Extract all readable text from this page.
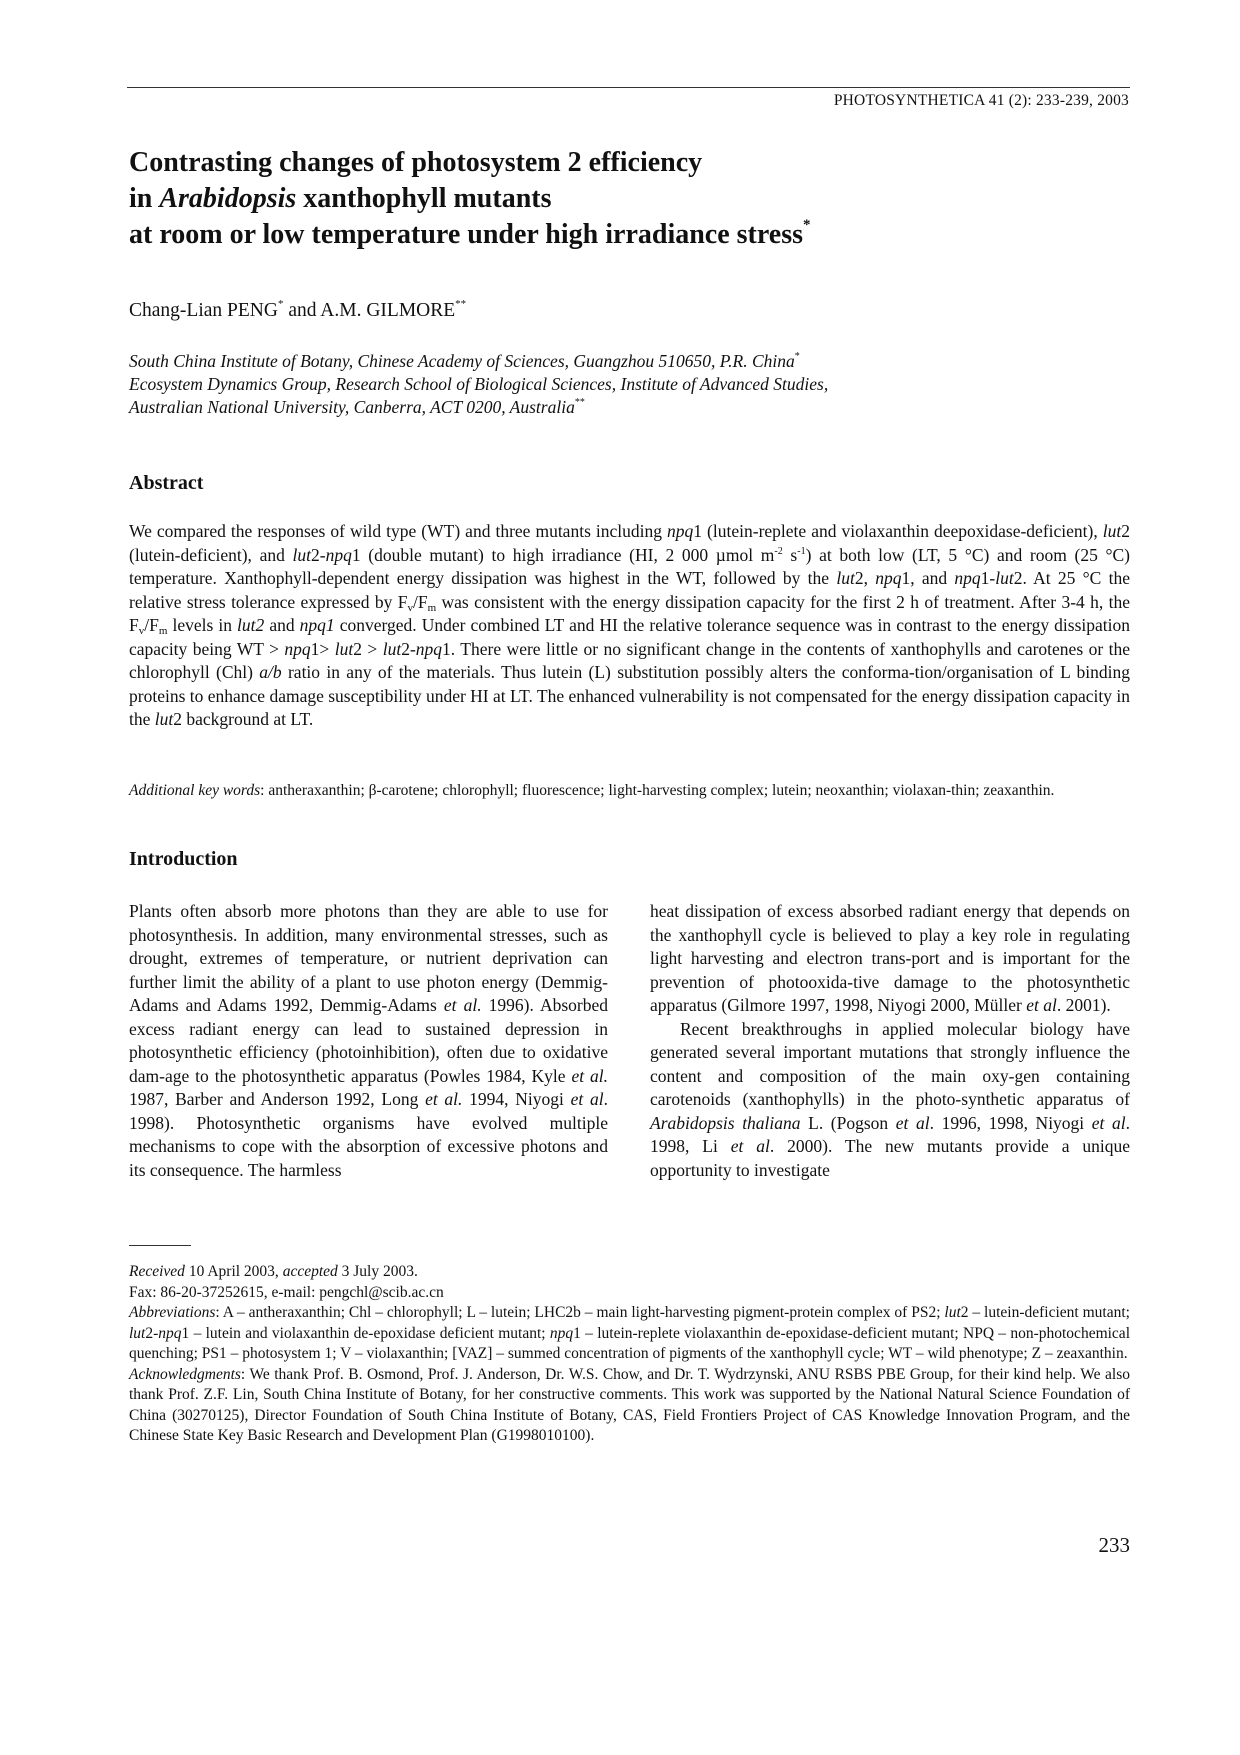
PHOTOSYNTHETICA 41 (2): 233-239, 2003
Contrasting changes of photosystem 2 efficiency
in Arabidopsis xanthophyll mutants
at room or low temperature under high irradiance stress*
Chang-Lian PENG* and A.M. GILMORE**
South China Institute of Botany, Chinese Academy of Sciences, Guangzhou 510650, P.R. China*
Ecosystem Dynamics Group, Research School of Biological Sciences, Institute of Advanced Studies,
Australian National University, Canberra, ACT 0200, Australia**
Abstract
We compared the responses of wild type (WT) and three mutants including npq1 (lutein-replete and violaxanthin deepoxidase-deficient), lut2 (lutein-deficient), and lut2-npq1 (double mutant) to high irradiance (HI, 2 000 µmol $m^{-2}$ $s^{-1}$) at both low (LT, 5 °C) and room (25 °C) temperature. Xanthophyll-dependent energy dissipation was highest in the WT, followed by the lut2, npq1, and npq1-lut2. At 25 °C the relative stress tolerance expressed by $F_v/F_m$ was consistent with the energy dissipation capacity for the first 2 h of treatment. After 3-4 h, the $F_v/F_m$ levels in lut2 and npq1 converged. Under combined LT and HI the relative tolerance sequence was in contrast to the energy dissipation capacity being WT > npq1> lut2 > lut2-npq1. There were little or no significant change in the contents of xanthophylls and carotenes or the chlorophyll (Chl) a/b ratio in any of the materials. Thus lutein (L) substitution possibly alters the conforma-tion/organisation of L binding proteins to enhance damage susceptibility under HI at LT. The enhanced vulnerability is not compensated for the energy dissipation capacity in the lut2 background at LT.
Additional key words: antheraxanthin; β-carotene; chlorophyll; fluorescence; light-harvesting complex; lutein; neoxanthin; violaxan-thin; zeaxanthin.
Introduction

Plants often absorb more photons than they are able to use for photosynthesis. In addition, many environmental stresses, such as drought, extremes of temperature, or nutrient deprivation can further limit the ability of a plant to use photon energy (Demmig-Adams and Adams 1992, Demmig-Adams et al. 1996). Absorbed excess radiant energy can lead to sustained depression in photosynthetic efficiency (photoinhibition), often due to oxidative dam-age to the photosynthetic apparatus (Powles 1984, Kyle et al. 1987, Barber and Anderson 1992, Long et al. 1994, Niyogi et al. 1998). Photosynthetic organisms have evolved multiple mechanisms to cope with the absorption of excessive photons and its consequence. The harmless

heat dissipation of excess absorbed radiant energy that depends on the xanthophyll cycle is believed to play a key role in regulating light harvesting and electron trans-port and is important for the prevention of photooxida-tive damage to the photosynthetic apparatus (Gilmore 1997, 1998, Niyogi 2000, Müller et al. 2001).

Recent breakthroughs in applied molecular biology have generated several important mutations that strongly influence the content and composition of the main oxy-gen containing carotenoids (xanthophylls) in the photo-synthetic apparatus of Arabidopsis thaliana L. (Pogson et al. 1996, 1998, Niyogi et al. 1998, Li et al. 2000). The new mutants provide a unique opportunity to investigate

Received 10 April 2003, accepted 3 July 2003.

Fax: 86-20-37252615, e-mail: pengchl@scib.ac.cn

Abbreviations: A – antheraxanthin; Chl – chlorophyll; L – lutein; LHC2b – main light-harvesting pigment-protein complex of PS2; lut2 – lutein-deficient mutant; lut2-npq1 – lutein and violaxanthin de-epoxidase deficient mutant; npq1 – lutein-replete violaxanthin de-epoxidase-deficient mutant; NPQ – non-photochemical quenching; PS1 – photosystem 1; V – violaxanthin; [VAZ] – summed concentration of pigments of the xanthophyll cycle; WT – wild phenotype; Z – zeaxanthin.

Acknowledgments: We thank Prof. B. Osmond, Prof. J. Anderson, Dr. W.S. Chow, and Dr. T. Wydrzynski, ANU RSBS PBE Group, for their kind help. We also thank Prof. Z.F. Lin, South China Institute of Botany, for her constructive comments. This work was supported by the National Natural Science Foundation of China (30270125), Director Foundation of South China Institute of Botany, CAS, Field Frontiers Project of CAS Knowledge Innovation Program, and the Chinese State Key Basic Research and Development Plan (G1998010100).

233
